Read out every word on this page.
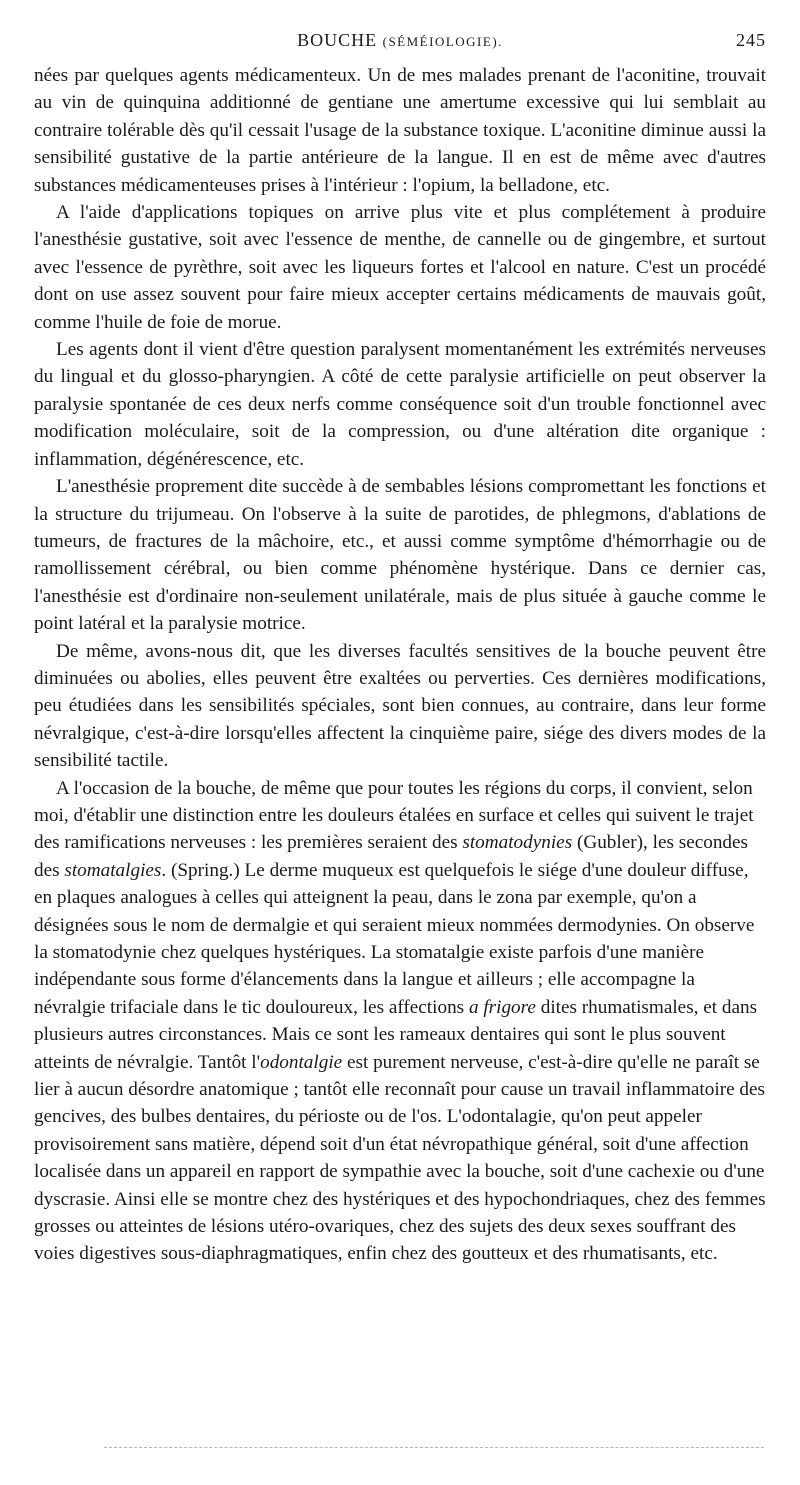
BOUCHE (SÉMÉIOLOGIE).	245

nées par quelques agents médicamenteux. Un de mes malades prenant de l'aconitine, trouvait au vin de quinquina additionné de gentiane une amertume excessive qui lui semblait au contraire tolérable dès qu'il cessait l'usage de la substance toxique. L'aconitine diminue aussi la sensibilité gustative de la partie antérieure de la langue. Il en est de même avec d'autres substances médicamenteuses prises à l'intérieur : l'opium, la belladone, etc.

A l'aide d'applications topiques on arrive plus vite et plus complétement à produire l'anesthésie gustative, soit avec l'essence de menthe, de cannelle ou de gingembre, et surtout avec l'essence de pyrèthre, soit avec les liqueurs fortes et l'alcool en nature. C'est un procédé dont on use assez souvent pour faire mieux accepter certains médicaments de mauvais goût, comme l'huile de foie de morue.

Les agents dont il vient d'être question paralysent momentanément les extrémités nerveuses du lingual et du glosso-pharyngien. A côté de cette paralysie artificielle on peut observer la paralysie spontanée de ces deux nerfs comme conséquence soit d'un trouble fonctionnel avec modification moléculaire, soit de la compression, ou d'une altération dite organique : inflammation, dégénérescence, etc.

L'anesthésie proprement dite succède à de sembables lésions compromettant les fonctions et la structure du trijumeau. On l'observe à la suite de parotides, de phlegmons, d'ablations de tumeurs, de fractures de la mâchoire, etc., et aussi comme symptôme d'hémorrhagie ou de ramollissement cérébral, ou bien comme phénomène hystérique. Dans ce dernier cas, l'anesthésie est d'ordinaire non-seulement unilatérale, mais de plus située à gauche comme le point latéral et la paralysie motrice.

De même, avons-nous dit, que les diverses facultés sensitives de la bouche peuvent être diminuées ou abolies, elles peuvent être exaltées ou perverties. Ces dernières modifications, peu étudiées dans les sensibilités spéciales, sont bien connues, au contraire, dans leur forme névralgique, c'est-à-dire lorsqu'elles affectent la cinquième paire, siége des divers modes de la sensibilité tactile.

A l'occasion de la bouche, de même que pour toutes les régions du corps, il convient, selon moi, d'établir une distinction entre les douleurs étalées en surface et celles qui suivent le trajet des ramifications nerveuses : les premières seraient des stomatodynies (Gubler), les secondes des stomatalgies. (Spring.) Le derme muqueux est quelquefois le siége d'une douleur diffuse, en plaques analogues à celles qui atteignent la peau, dans le zona par exemple, qu'on a désignées sous le nom de dermalgie et qui seraient mieux nommées dermodynies. On observe la stomatodynie chez quelques hystériques. La stomatalgie existe parfois d'une manière indépendante sous forme d'élancements dans la langue et ailleurs ; elle accompagne la névralgie trifaciale dans le tic douloureux, les affections a frigore dites rhumatismales, et dans plusieurs autres circonstances. Mais ce sont les rameaux dentaires qui sont le plus souvent atteints de névralgie. Tantôt l'odontalgie est purement nerveuse, c'est-à-dire qu'elle ne paraît se lier à aucun désordre anatomique ; tantôt elle reconnaît pour cause un travail inflammatoire des gencives, des bulbes dentaires, du périoste ou de l'os. L'odontalagie, qu'on peut appeler provisoirement sans matière, dépend soit d'un état névropathique général, soit d'une affection localisée dans un appareil en rapport de sympathie avec la bouche, soit d'une cachexie ou d'une dyscrasie. Ainsi elle se montre chez des hystériques et des hypochondriaques, chez des femmes grosses ou atteintes de lésions utéro-ovariques, chez des sujets des deux sexes souffrant des voies digestives sous-diaphragmatiques, enfin chez des goutteux et des rhumatisants, etc.
